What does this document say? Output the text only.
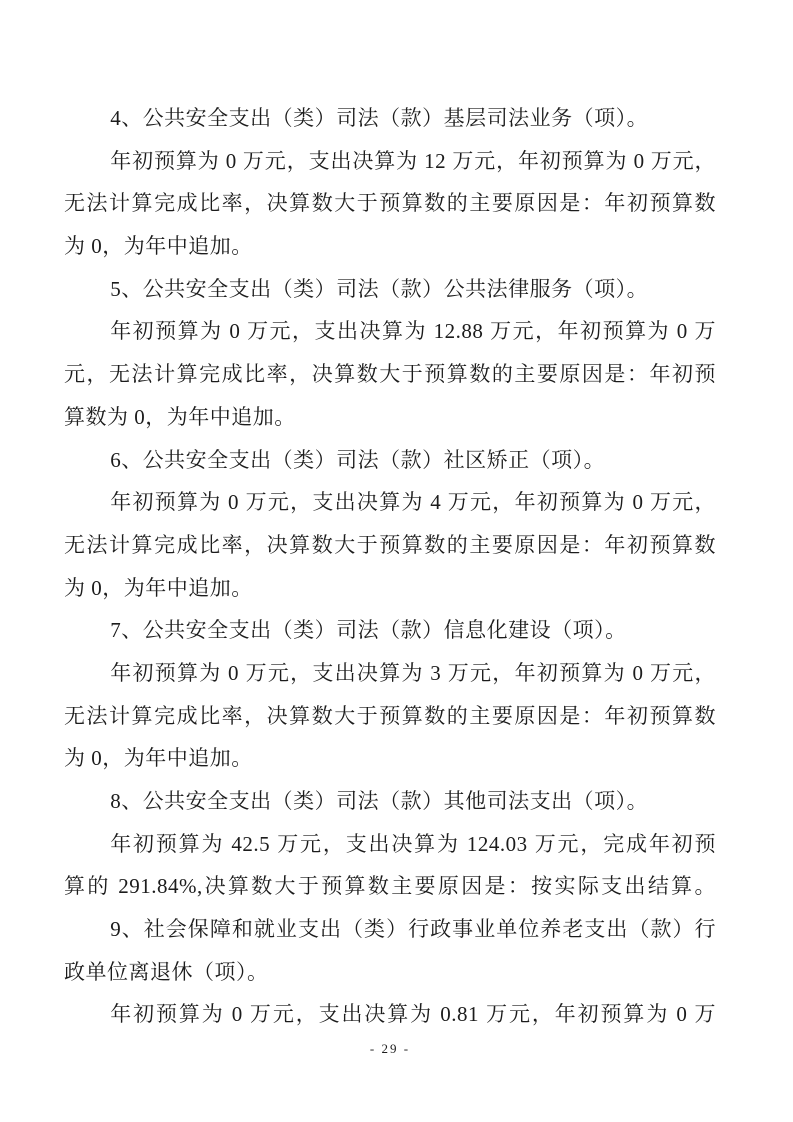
4、公共安全支出（类）司法（款）基层司法业务（项）。
年初预算为 0 万元，支出决算为 12 万元，年初预算为 0 万元，
无法计算完成比率，决算数大于预算数的主要原因是：年初预算数
为 0，为年中追加。
5、公共安全支出（类）司法（款）公共法律服务（项）。
年初预算为 0 万元，支出决算为 12.88 万元，年初预算为 0 万
元，无法计算完成比率，决算数大于预算数的主要原因是：年初预
算数为 0，为年中追加。
6、公共安全支出（类）司法（款）社区矫正（项）。
年初预算为 0 万元，支出决算为 4 万元，年初预算为 0 万元，
无法计算完成比率，决算数大于预算数的主要原因是：年初预算数
为 0，为年中追加。
7、公共安全支出（类）司法（款）信息化建设（项）。
年初预算为 0 万元，支出决算为 3 万元，年初预算为 0 万元，
无法计算完成比率，决算数大于预算数的主要原因是：年初预算数
为 0，为年中追加。
8、公共安全支出（类）司法（款）其他司法支出（项）。
年初预算为 42.5 万元，支出决算为 124.03 万元，完成年初预
算的 291.84%,决算数大于预算数主要原因是：按实际支出结算。
9、社会保障和就业支出（类）行政事业单位养老支出（款）行
政单位离退休（项）。
年初预算为 0 万元，支出决算为 0.81 万元，年初预算为 0 万
- 29 -
